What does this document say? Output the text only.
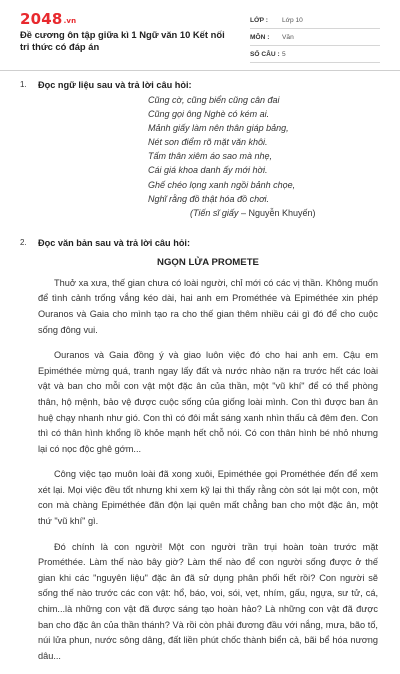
2048.vn
Đề cương ôn tập giữa kì 1 Ngữ văn 10 Kết nối tri thức có đáp án
LỚP :	Lớp 10
MÔN :	Văn
SỐ CÂU : 5
1. Đọc ngữ liệu sau và trả lời câu hỏi:

Cũng cờ, cũng biển cũng cân đai
Cũng gọi ông Nghè có kém ai.
Mảnh giấy làm nên thân giáp bảng,
Nét son điểm rõ mặt văn khôi.
Tấm thân xiêm áo sao mà nhẹ,
Cái giá khoa danh ấy mới hời.
Ghế chéo lọng xanh ngồi bảnh chọe,
Nghĩ rằng đồ thật hóa đồ chơi.
(Tiến sĩ giấy – Nguyễn Khuyến)
2. Đọc văn bản sau và trả lời câu hỏi:

NGỌN LỬA PROMETE

Thuở xa xưa, thế gian chưa có loài người, chỉ mới có các vị thần. Không muốn để tình cảnh trống vắng kéo dài, hai anh em Prométhée và Epiméthée xin phép Ouranos và Gaia cho mình tạo ra cho thế gian thêm nhiều cái gì đó để cho cuộc sống đông vui.

Ouranos và Gaia đồng ý và giao luôn việc đó cho hai anh em. Cậu em Epiméthée mừng quá, tranh ngay lấy đất và nước nhào nặn ra trước hết các loài vật và ban cho mỗi con vật một đặc ân của thần, một "vũ khí" để có thể phòng thân, hộ mệnh, bảo vệ được cuộc sống của giống loài mình. Con thì được ban ân huệ chạy nhanh như gió. Con thì có đôi mắt sáng xanh nhìn thấu cả đêm đen. Con thì có thân hình khổng lồ khỏe mạnh hết chỗ nói. Có con thân hình bé nhỏ nhưng lại có nọc độc ghê gớm...

Công việc tạo muôn loài đã xong xuôi, Epiméthée gọi Prométhée đến để xem xét lại. Mọi việc đều tốt nhưng khi xem kỹ lại thì thấy rằng còn sót lại một con, một con mà chàng Epiméthée đãn độn lại quên mất chẳng ban cho một đặc ân, một thứ "vũ khí" gì.

Đó chính là con người! Một con người trần trụi hoàn toàn trước mặt Prométhée. Làm thế nào bây giờ? Làm thế nào để con người sống được ở thế gian khi các "nguyên liệu" đặc ân đã sử dụng phân phối hết rồi? Con người sẽ sống thế nào trước các con vật: hổ, báo, voi, sói, vẹt, nhím, gấu, ngựa, sư tử, cá, chim...là những con vật đã được sáng tạo hoàn hảo? Là những con vật đã được ban cho đặc ân của thần thánh? Và rồi còn phải đương đầu với nắng, mưa, bão tố, núi lửa phun, nước sông dâng, đất liền phút chốc thành biển cả, bãi bể hóa nương dâu...
